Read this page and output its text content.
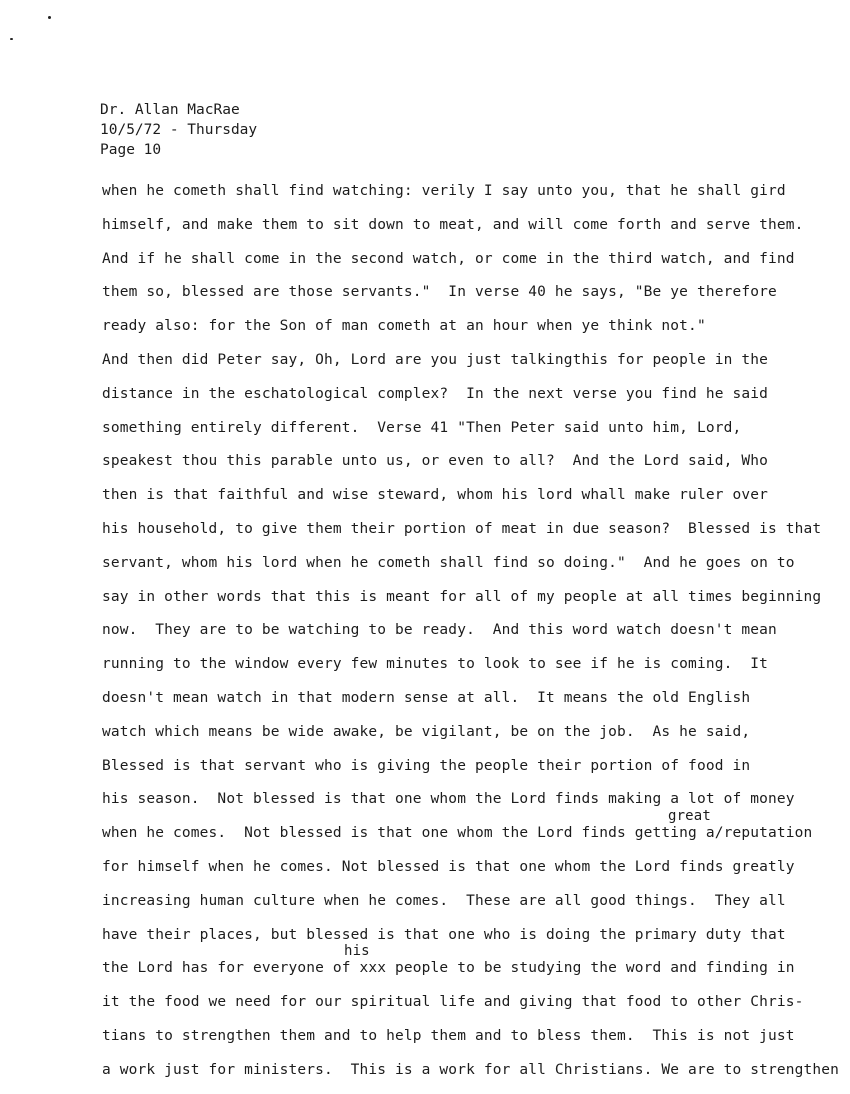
Dr. Allan MacRae
10/5/72 - Thursday
Page 10
when he cometh shall find watching: verily I say unto you, that he shall gird
himself, and make them to sit down to meat, and will come forth and serve them.
And if he shall come in the second watch, or come in the third watch, and find
them so, blessed are those servants."  In verse 40 he says, "Be ye therefore
ready also: for the Son of man cometh at an hour when ye think not."
And then did Peter say, Oh, Lord are you just talkingthis for people in the
distance in the eschatological complex?  In the next verse you find he said
something entirely different.  Verse 41 "Then Peter said unto him, Lord,
speakest thou this parable unto us, or even to all?  And the Lord said, Who
then is that faithful and wise steward, whom his lord whall make ruler over
his household, to give them their portion of meat in due season?  Blessed is that
servant, whom his lord when he cometh shall find so doing."  And he goes on to
say in other words that this is meant for all of my people at all times beginning
now.  They are to be watching to be ready.  And this word watch doesn't mean
running to the window every few minutes to look to see if he is coming.  It
doesn't mean watch in that modern sense at all.  It means the old English
watch which means be wide awake, be vigilant, be on the job.  As he said,
Blessed is that servant who is giving the people their portion of food in
his season.  Not blessed is that one whom the Lord finds making a lot of money

great

when he comes.  Not blessed is that one whom the Lord finds getting a/reputation

for himself when he comes. Not blessed is that one whom the Lord finds greatly
increasing human culture when he comes.  These are all good things.  They all
have their places, but blessed is that one who is doing the primary duty that

his

the Lord has for everyone of xxx people to be studying the word and finding in

it the food we need for our spiritual life and giving that food to other Chris-
tians to strengthen them and to help them and to bless them.  This is not just
a work just for ministers.  This is a work for all Christians. We are to strengthen
